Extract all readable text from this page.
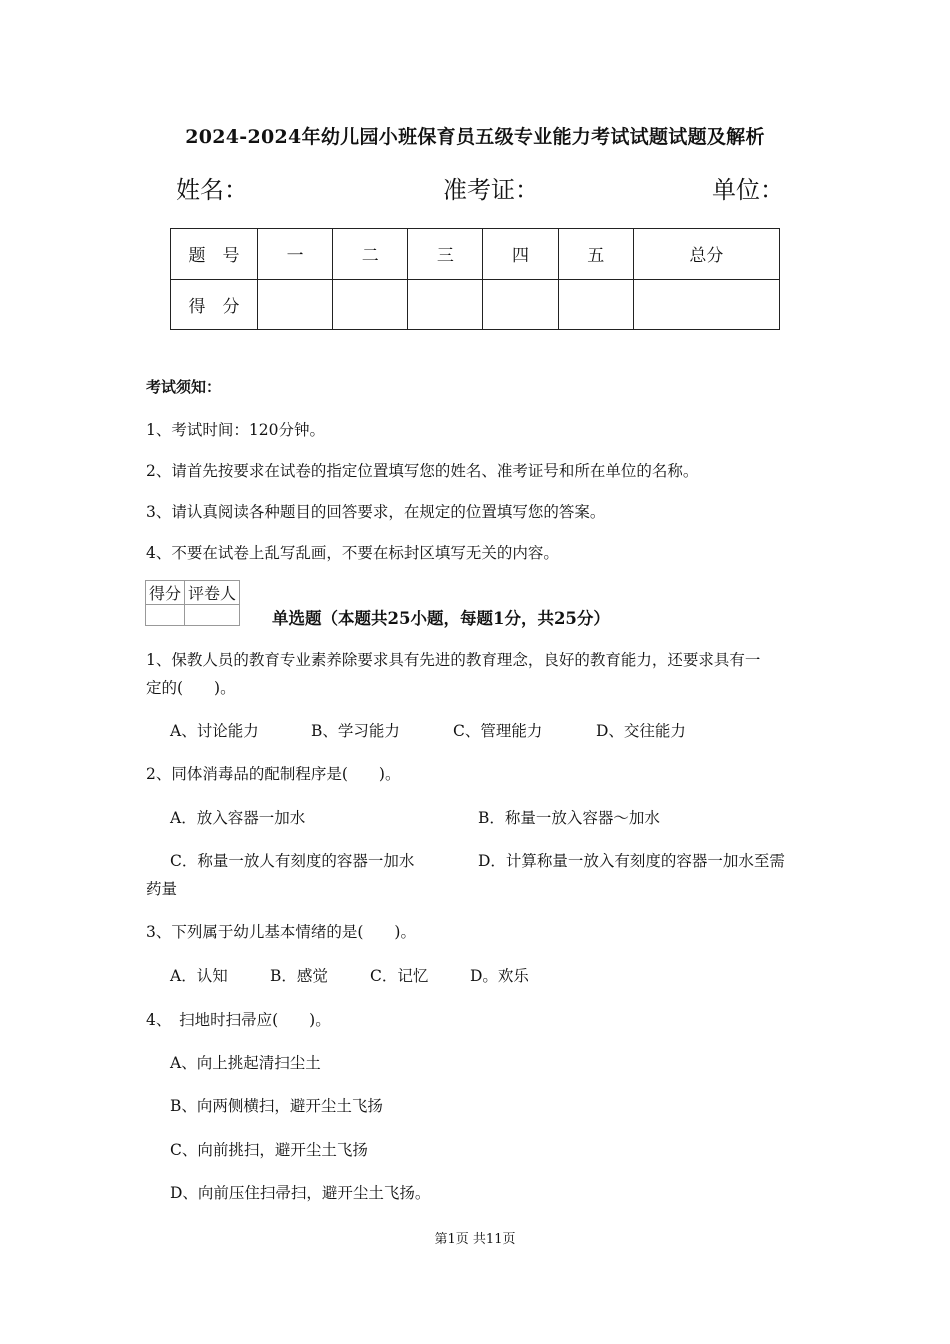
2024-2024年幼儿园小班保育员五级专业能力考试试题试题及解析
姓名：	准考证：	单位：
题　号	一	二	三	四	五	总分
得　分						
考试须知：
1、考试时间：120分钟。
2、请首先按要求在试卷的指定位置填写您的姓名、准考证号和所在单位的名称。
3、请认真阅读各种题目的回答要求，在规定的位置填写您的答案。
4、不要在试卷上乱写乱画，不要在标封区填写无关的内容。
得分	评卷人

单选题（本题共25小题，每题1分，共25分）
1、保教人员的教育专业素养除要求具有先进的教育理念，良好的教育能力，还要求具有一
定的(　　)。
A、讨论能力	B、学习能力	C、管理能力	D、交往能力
2、同体消毒品的配制程序是(　　)。
A．放入容器一加水	B．称量一放入容器～加水
C．称量一放人有刻度的容器一加水	D．计算称量一放入有刻度的容器一加水至需
药量
3、下列属于幼儿基本情绪的是(　　)。
A．认知	B．感觉	C．记忆	D。欢乐
4、　扫地时扫帚应(　　)。
A、向上挑起清扫尘土
B、向两侧横扫，避开尘土飞扬
C、向前挑扫，避开尘土飞扬
D、向前压住扫帚扫，避开尘土飞扬。
第1页 共11页
